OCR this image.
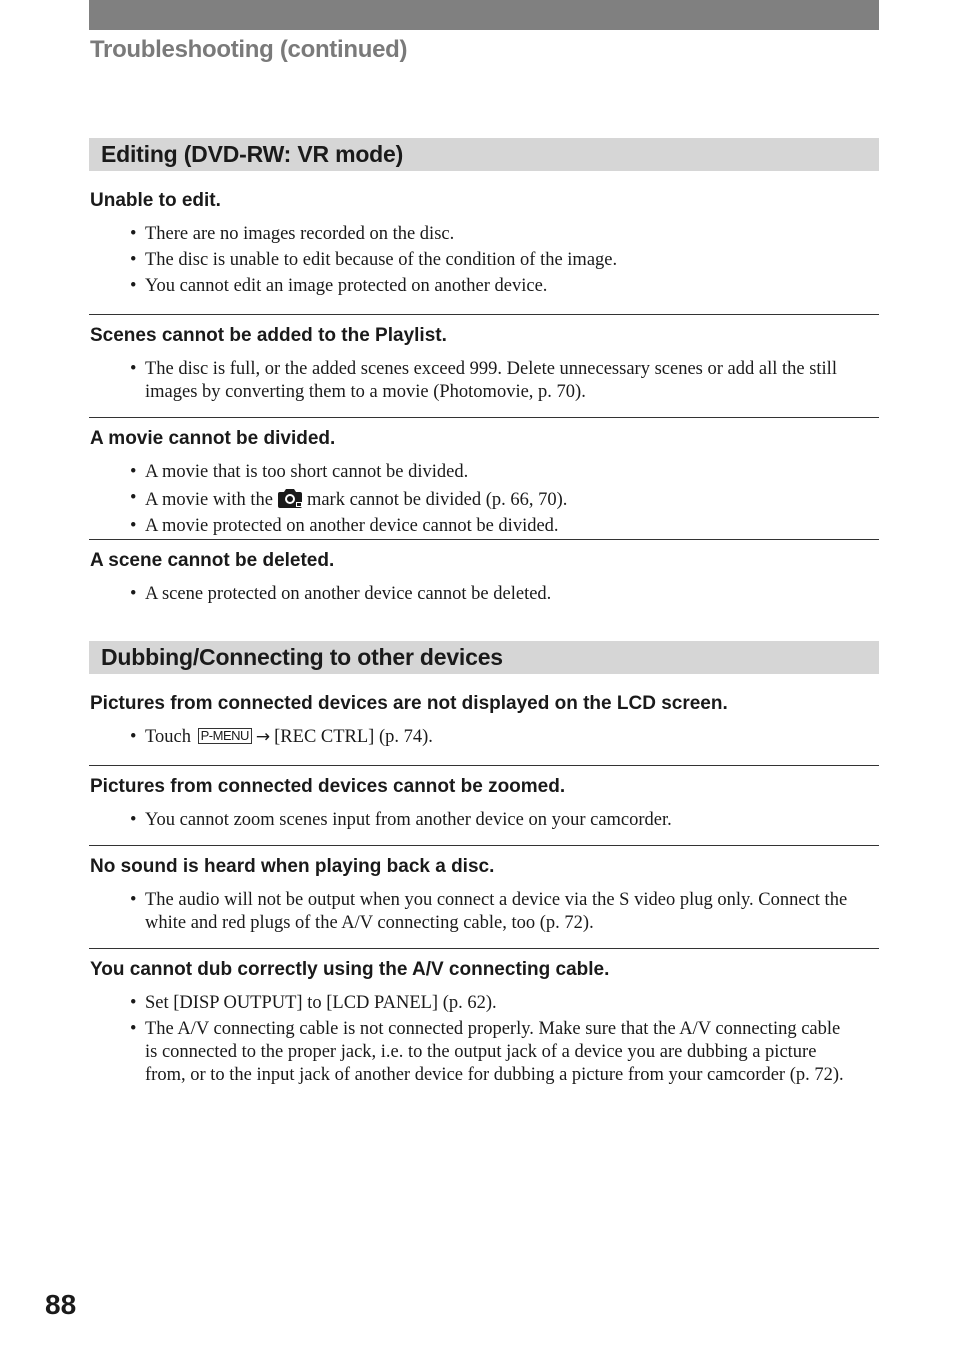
Troubleshooting (continued)
Editing (DVD-RW: VR mode)
Unable to edit.
• There are no images recorded on the disc.
• The disc is unable to edit because of the condition of the image.
• You cannot edit an image protected on another device.
Scenes cannot be added to the Playlist.
• The disc is full, or the added scenes exceed 999. Delete unnecessary scenes or add all the still images by converting them to a movie (Photomovie, p. 70).
A movie cannot be divided.
• A movie that is too short cannot be divided.
• A movie with the mark cannot be divided (p. 66, 70).
• A movie protected on another device cannot be divided.
A scene cannot be deleted.
• A scene protected on another device cannot be deleted.
Dubbing/Connecting to other devices
Pictures from connected devices are not displayed on the LCD screen.
• Touch P-MENU → [REC CTRL] (p. 74).
Pictures from connected devices cannot be zoomed.
• You cannot zoom scenes input from another device on your camcorder.
No sound is heard when playing back a disc.
• The audio will not be output when you connect a device via the S video plug only. Connect the white and red plugs of the A/V connecting cable, too (p. 72).
You cannot dub correctly using the A/V connecting cable.
• Set [DISP OUTPUT] to [LCD PANEL] (p. 62).
• The A/V connecting cable is not connected properly. Make sure that the A/V connecting cable is connected to the proper jack, i.e. to the output jack of a device you are dubbing a picture from, or to the input jack of another device for dubbing a picture from your camcorder (p. 72).
88
